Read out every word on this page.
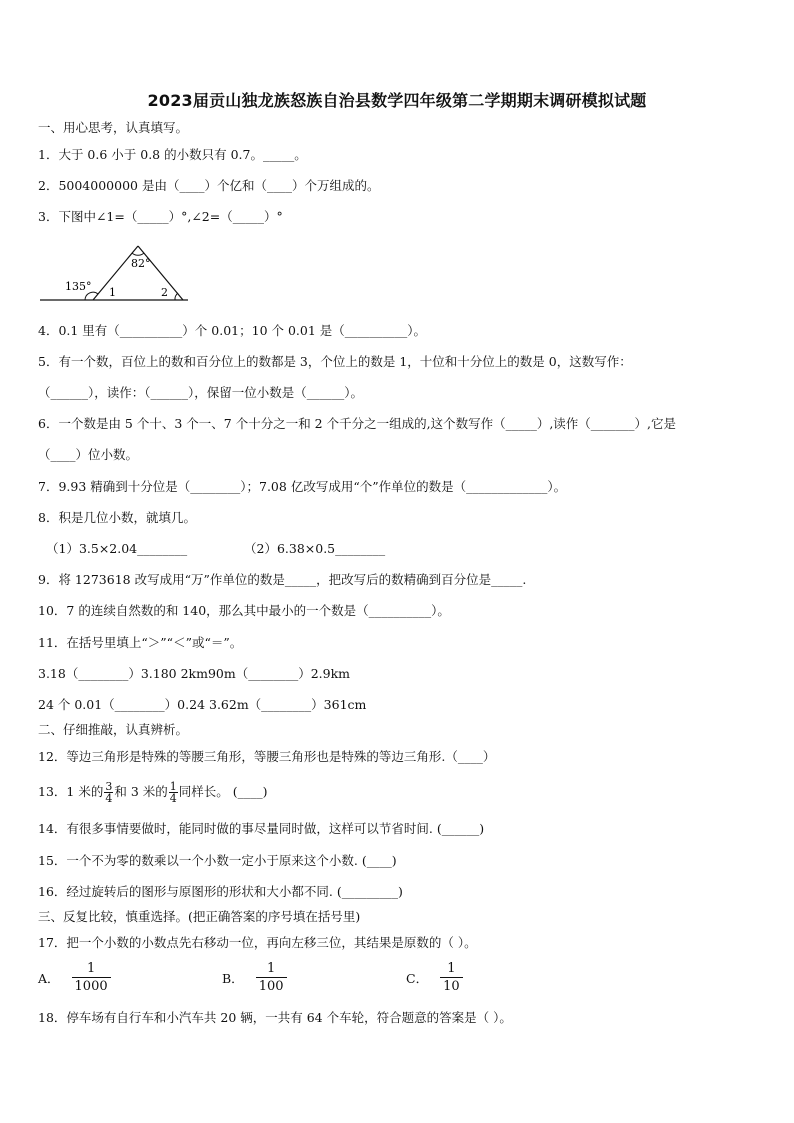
2023届贡山独龙族怒族自治县数学四年级第二学期期末调研模拟试题
一、用心思考，认真填写。
1．大于 0.6 小于 0.8 的小数只有 0.7。_____。
2．5004000000 是由（____）个亿和（____）个万组成的。
3．下图中∠1=（_____）°,∠2=（_____）°
82°
135° 1	2
4．0.1 里有（__________）个 0.01；10 个 0.01 是（__________）。
5．有一个数，百位上的数和百分位上的数都是 3，个位上的数是 1，十位和十分位上的数是 0，这数写作：
（______），读作：（______），保留一位小数是（______）。
6．一个数是由 5 个十、3 个一、7 个十分之一和 2 个千分之一组成的,这个数写作（_____）,读作（_______）,它是
（____）位小数。
7．9.93 精确到十分位是（________）；7.08 亿改写成用“个”作单位的数是（_____________）。
8．积是几位小数，就填几。
（1）3.5×2.04________	（2）6.38×0.5________
9．将 1273618 改写成用“万”作单位的数是_____，把改写后的数精确到百分位是_____.
10．7 的连续自然数的和 140，那么其中最小的一个数是（__________）。
11．在括号里填上“＞”“＜”或“＝”。
3.18（________）3.180 2km90m（________）2.9km
24 个 0.01（________）0.24 3.62m（________）361cm
二、仔细推敲，认真辨析。
12．等边三角形是特殊的等腰三角形，等腰三角形也是特殊的等边三角形.（____）
13．1 米的 $\frac{3}{4}$ 和 3 米的 $\frac{1}{4}$ 同样长。 (____)
14．有很多事情要做时，能同时做的事尽量同时做，这样可以节省时间. (______)
15．一个不为零的数乘以一个小数一定小于原来这个小数. (____)
16．经过旋转后的图形与原图形的形状和大小都不同. (_________)
三、反复比较，慎重选择。(把正确答案的序号填在括号里)
17．把一个小数的小数点先右移动一位，再向左移三位，其结果是原数的（ ）。
A． $\frac{1}{1000}$	B． $\frac{1}{100}$	C． $\frac{1}{10}$
18．停车场有自行车和小汽车共 20 辆，一共有 64 个车轮，符合题意的答案是（ ）。
